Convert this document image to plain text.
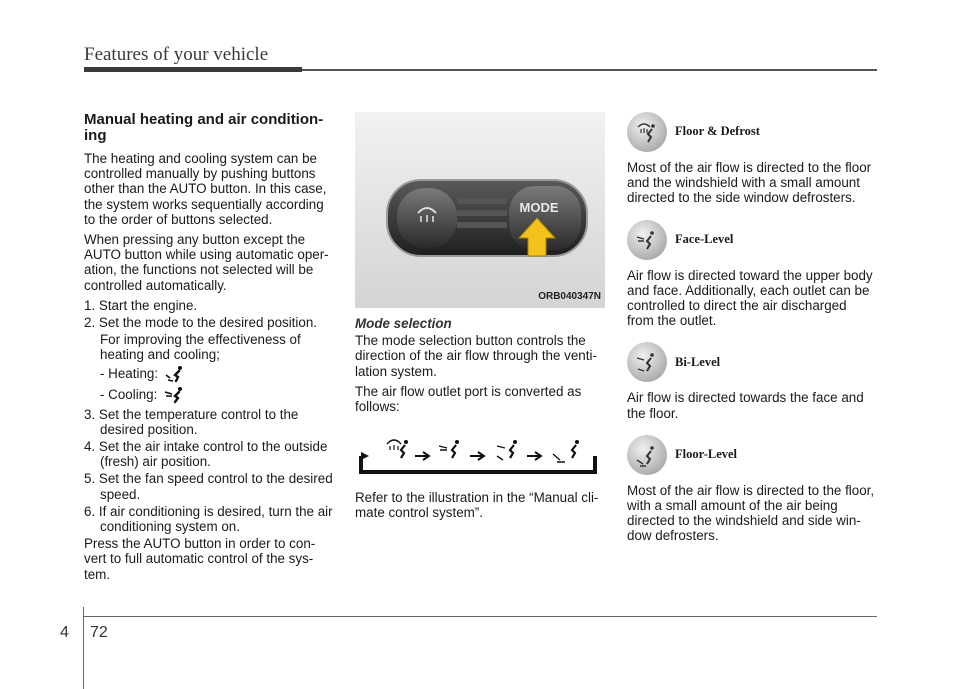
Features of your vehicle
Manual heating and air condition-ing
The heating and cooling system can be controlled manually by pushing buttons other than the AUTO button. In this case, the system works sequentially according to the order of buttons selected.
When pressing any button except the AUTO button while using automatic oper-ation, the functions not selected will be controlled automatically.
1. Start the engine.
2. Set the mode to the desired position.
For improving the effectiveness of heating and cooling;
- Heating:
- Cooling:
3. Set the temperature control to the desired position.
4. Set the air intake control to the outside (fresh) air position.
5. Set the fan speed control to the desired speed.
6. If air conditioning is desired, turn the air conditioning system on.
Press the AUTO button in order to con-vert to full automatic control of the sys-tem.
MODE
ORB040347N
Mode selection
The mode selection button controls the direction of the air flow through the venti-lation system.
The air flow outlet port is converted as follows:
Refer to the illustration in the “Manual cli-mate control system”.
Floor & Defrost
Most of the air flow is directed to the floor and the windshield with a small amount directed to the side window defrosters.
Face-Level
Air flow is directed toward the upper body and face. Additionally, each outlet can be controlled to direct the air discharged from the outlet.
Bi-Level
Air flow is directed towards the face and the floor.
Floor-Level
Most of the air flow is directed to the floor, with a small amount of the air being directed to the windshield and side win-dow defrosters.
4 72
